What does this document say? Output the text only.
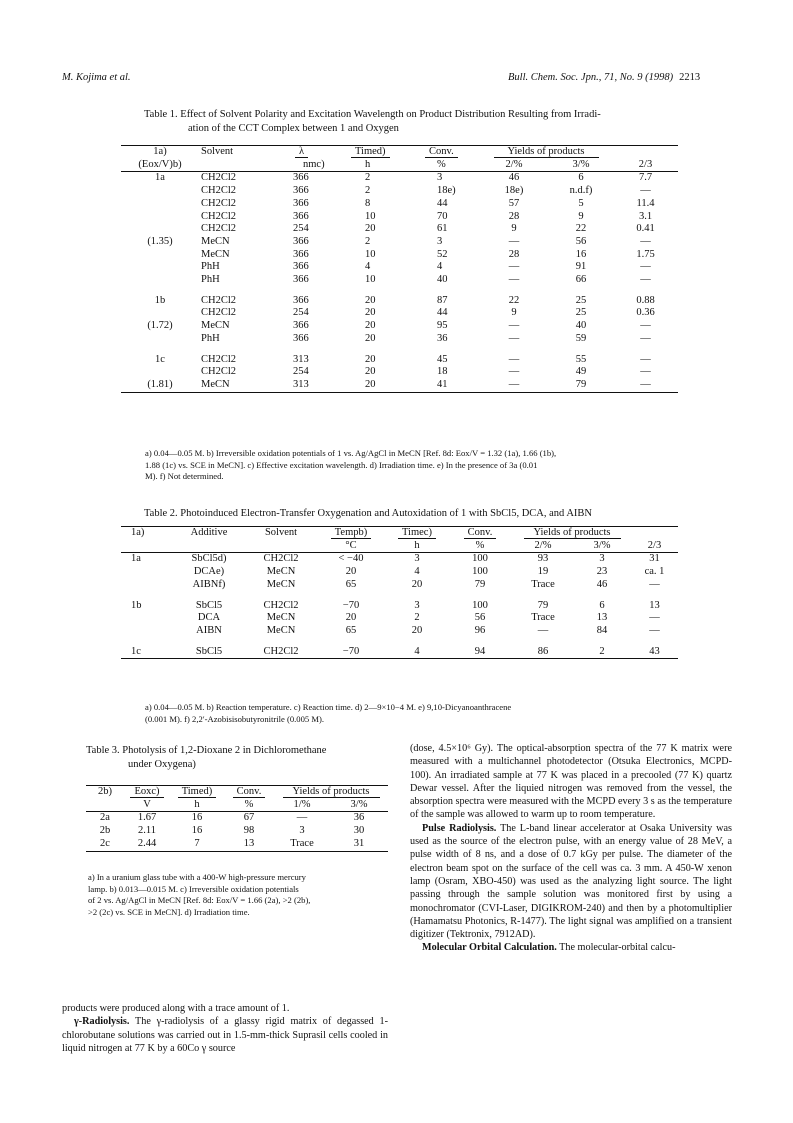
M. Kojima et al.	Bull. Chem. Soc. Jpn., 71, No. 9 (1998) 2213
Table 1. Effect of Solvent Polarity and Excitation Wavelength on Product Distribution Resulting from Irradi-
ation of the CCT Complex between 1 and Oxygen
1a)	Solvent	λ	Timed)	Conv.	Yields of products		
(Eox/V)b)		nmc)	h	%	2/%	3/%	2/3
1a	CH2Cl2	366	2	3	46	6	7.7
	CH2Cl2	366	2	18e)	18e)	n.d.f)	—
	CH2Cl2	366	8	44	57	5	11.4
	CH2Cl2	366	10	70	28	9	3.1
	CH2Cl2	254	20	61	9	22	0.41
(1.35)	MeCN	366	2	3	—	56	—
	MeCN	366	10	52	28	16	1.75
	PhH	366	4	4	—	91	—
	PhH	366	10	40	—	66	—

1b	CH2Cl2	366	20	87	22	25	0.88
	CH2Cl2	254	20	44	9	25	0.36
(1.72)	MeCN	366	20	95	—	40	—
	PhH	366	20	36	—	59	—

1c	CH2Cl2	313	20	45	—	55	—
	CH2Cl2	254	20	18	—	49	—
(1.81)	MeCN	313	20	41	—	79	—
a) 0.04—0.05 M. b) Irreversible oxidation potentials of 1 vs. Ag/AgCl in MeCN [Ref. 8d: Eox/V = 1.32 (1a), 1.66 (1b),
1.88 (1c) vs. SCE in MeCN]. c) Effective excitation wavelength. d) Irradiation time. e) In the presence of 3a (0.01
M). f) Not determined.
Table 2. Photoinduced Electron-Transfer Oxygenation and Autoxidation of 1 with SbCl5, DCA, and AIBN
1a)	Additive	Solvent	Tempb)	Timec)	Conv.	Yields of products		
			°C	h	%	2/%	3/%	2/3
1a	SbCl5d)	CH2Cl2	< −40	3	100	93	3	31
	DCAe)	MeCN	20	4	100	19	23	ca. 1
	AIBNf)	MeCN	65	20	79	Trace	46	—

1b	SbCl5	CH2Cl2	−70	3	100	79	6	13
	DCA	MeCN	20	2	56	Trace	13	—
	AIBN	MeCN	65	20	96	—	84	—

1c	SbCl5	CH2Cl2	−70	4	94	86	2	43
a) 0.04—0.05 M. b) Reaction temperature. c) Reaction time. d) 2—9×10−4 M. e) 9,10-Dicyanoanthracene
(0.001 M). f) 2,2′-Azobisisobutyronitrile (0.005 M).
Table 3. Photolysis of 1,2-Dioxane 2 in Dichloromethane
under Oxygena)
2b)	Eoxc)	Timed)	Conv.	Yields of products	
	V	h	%	1/%	3/%
2a	1.67	16	67	—	36
2b	2.11	16	98	3	30
2c	2.44	7	13	Trace	31
a) In a uranium glass tube with a 400-W high-pressure mercury
lamp. b) 0.013—0.015 M. c) Irreversible oxidation potentials
of 2 vs. Ag/AgCl in MeCN [Ref. 8d: Eox/V = 1.66 (2a), >2 (2b),
>2 (2c) vs. SCE in MeCN]. d) Irradiation time.

products were produced along with a trace amount of 1.

γ-Radiolysis. The γ-radiolysis of a glassy rigid matrix of degassed 1-chlorobutane solutions was carried out in 1.5-mm-thick Suprasil cells cooled in liquid nitrogen at 77 K by a 60Co γ source

(dose, 4.5×10⁶ Gy). The optical-absorption spectra of the 77 K matrix were measured with a multichannel photodetector (Otsuka Electronics, MCPD-100). An irradiated sample at 77 K was placed in a precooled (77 K) quartz Dewar vessel. After the liquied nitrogen was removed from the vessel, the absorption spectra were measured with the MCPD every 3 s as the temperature of the sample was allowed to warm up to room temperature.

Pulse Radiolysis. The L-band linear accelerator at Osaka University was used as the source of the electron pulse, with an energy value of 28 MeV, a pulse width of 8 ns, and a dose of 0.7 kGy per pulse. The diameter of the electron beam spot on the surface of the cell was ca. 3 mm. A 450-W xenon lamp (Osram, XBO-450) was used as the analyzing light source. The light passing through the sample solution was monitored first by using a monochromator (CVI-Laser, DIGIKROM-240) and then by a photomultiplier (Hamamatsu Photonics, R-1477). The light signal was amplified on a transient digitizer (Tektronix, 7912AD).

Molecular Orbital Calculation. The molecular-orbital calcu-
